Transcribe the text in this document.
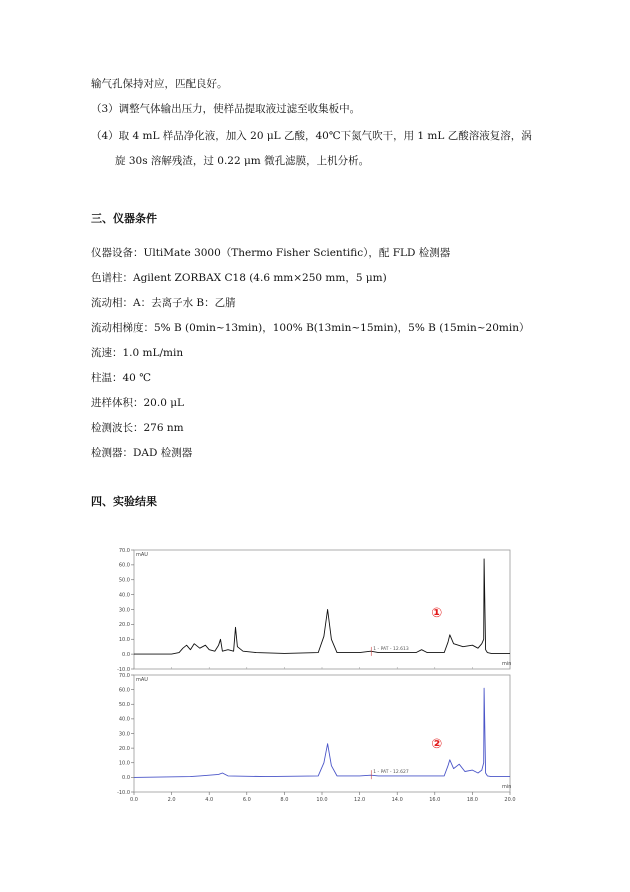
输气孔保持对应，匹配良好。
（3）调整气体输出压力，使样品提取液过滤至收集板中。
（4）取 4 mL 样品净化液，加入 20 μL 乙酸，40℃下氮气吹干，用 1 mL 乙酸溶液复溶，涡
旋 30s 溶解残渣，过 0.22 μm 微孔滤膜，上机分析。
三、仪器条件
仪器设备：UltiMate 3000（Thermo Fisher Scientific），配 FLD 检测器
色谱柱：Agilent ZORBAX C18 (4.6 mm×250 mm，5 μm)
流动相：A：去离子水 B：乙腈
流动相梯度：5% B (0min~13min)，100% B(13min~15min)，5% B (15min~20min）
流速：1.0 mL/min
柱温：40 ℃
进样体积：20.0 μL
检测波长：276 nm
检测器：DAD 检测器
四、实验结果
70.0
60.0
50.0
40.0
30.0
20.0
10.0
0.0
-10.0
mAU
min
1 - PAT - 12.613
①
70.0
60.0
50.0
40.0
30.0
20.0
10.0
0.0
-10.0
mAU
min
0.0	2.0	4.0	6.0	8.0	10.0	12.0	14.0	16.0	18.0	20.0
1 - PAT - 12.627
②
